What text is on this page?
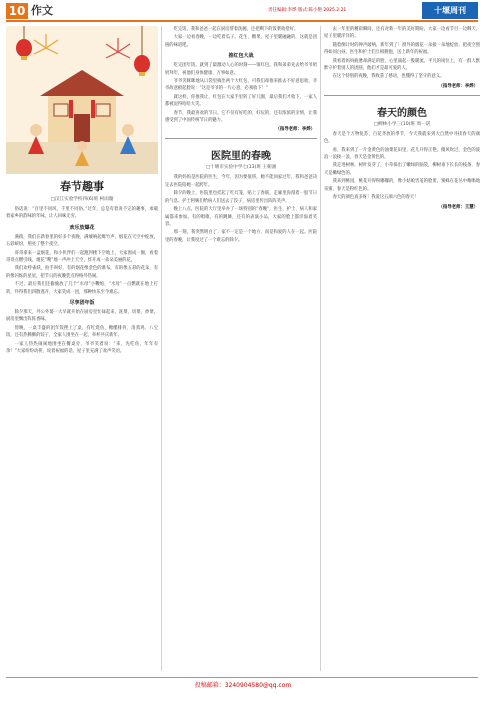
10 作文	责任编辑:李烨 版式:陈小艳 2025.2.21	十堰周刊
春节趣事
□汉江实验学校四(6)班 柯雨璇

俗话说：“百里不同风，千里不同俗。”过年，总是有着说不完的趣事，承载着家乡的韵味的年味，让人回味无穷。

欢乐放爆花

满街，我们在新春里的好多个夜晚，满城响起爆竹声，烟花在天空中绽放，五彩缤纷，照亮了整个夜空。

哥哥拿来一盒烟花，和小伙伴们一起跑到楼下空地上，大家围成一圈，看着哥哥点燃引线，烟花“嗖”地一声冲上天空，炸开成一朵朵美丽的花。

我们欢呼雀跃，拍手叫好，有的烟花像金色的瀑布，有的像五彩的花朵，有的像闪烁的星星，把节日的夜晚装点得格外热闹。

不过，最后我们还偷偷放了几个“水母”小鞭炮，“水母”一点燃就在地上打转，吓得我们四散逃开，大家笑成一团，那种快乐至今难忘。

尽享团年饭

除夕那天，外公外婆一大早就开始在厨房里忙碌起来，洗菜、切菜、炒菜，厨房里飘出阵阵香味。

傍晚，一桌丰盛的团年饭摆上了桌，有红烧鱼、糖醋排骨、清蒸鸡、八宝饭，还有热腾腾的饺子，全家人围坐在一起，举杯共庆新年。

一家人热热闹闹地围坐在餐桌旁，爷爷笑着说：“来，先吃鱼，年年有余！”大家纷纷动筷，说着祝福的话，屋子里充满了欢声笑语。

吃完饭，我和爸爸一起在厨房帮着洗碗，还把剩下的饭菜收拾好。

大家一边看春晚，一边吃着瓜子、花生、糖果，屋子里暖融融的，这就是团圆的味道吧。

推红包大战

吃完团年饭，就到了最激动人心的时刻——领红包。我和弟弟先去给爷爷奶奶拜年，祝他们身体健康、万事如意。

爷爷笑眯眯地从口袋里掏出两个大红包，可我们却推来推去不好意思收，爷爷故意板起脸说：“这是爷爷的一片心意，必须收下！”

就这样，你推我让，红包在大家手里转了好几圈，最后我们才收下，一家人都被逗得哈哈大笑。

春节，我最喜欢的节日。它不仅有好吃的、好玩的，还有浓浓的亲情，让我感受到了中国传统节日的魅力。

（指导老师：李烨）
医院里的春晚
□十堰市实验中学七(13)班 王朝涵

我的妈妈是医院的医生，今年，因为要值班，她不能回家过年，我和爸爸决定去医院陪她一起跨年。

除夕的晚上，医院里也挂起了红灯笼，贴上了春联，走廊里弥漫着一股节日的气息。护士阿姨们给病人们送去了饺子，病房里传出阵阵笑声。

晚上八点，医院的大厅里举办了一场特别的“春晚”，医生、护士、病人和家属都来参加。有的唱歌，有的跳舞，还有的表演小品，大家的脸上都洋溢着笑容。

那一刻，我突然明白了：家不一定是一个地方，而是和爱的人在一起。医院里的春晚，让我度过了一个难忘的除夕。

去一年里的精彩瞬间，还有对新一年的美好期盼。大家一边看节目一边聊天，屋子里暖洋洋的。

随着倒计时的钟声敲响，新年到了！窗外的烟花一朵接一朵地绽放，把夜空照得如同白昼。医生和护士们互相拥抱，送上新年的祝福。

我看着妈妈疲惫却满足的脸，心里涌起一股暖流。平凡的岗位上，有一群人默默守护着别人的团圆，他们才是最可爱的人。

在这个特别的夜晚，我收获了感动，也懂得了坚守的意义。

（指导老师：李烨）
春天的颜色
□柳林小学三(10)班 周一诺

春天是个万物复苏、百花齐放的季节，今天我就来到大自然中寻找春天的颜色。

看，我来到了一片金黄色的油菜花田里，花儿开得正艳，微风吹过，金色的波浪一浪接一浪，春天是金黄色的。

我走进树林，树叶发芽了，小草探出了嫩绿的脑袋，柳树垂下长长的枝条，春天是嫩绿色的。

我来到桃园，桃花开得粉嘟嘟的，像小姑娘害羞的脸蛋，蜜蜂在花丛中嗡嗡地采蜜，春天是粉红色的。

春天的颜色真多呀！我爱这五颜六色的春天！

（指导老师：王慧）
投稿邮箱：3240904580@qq.com
